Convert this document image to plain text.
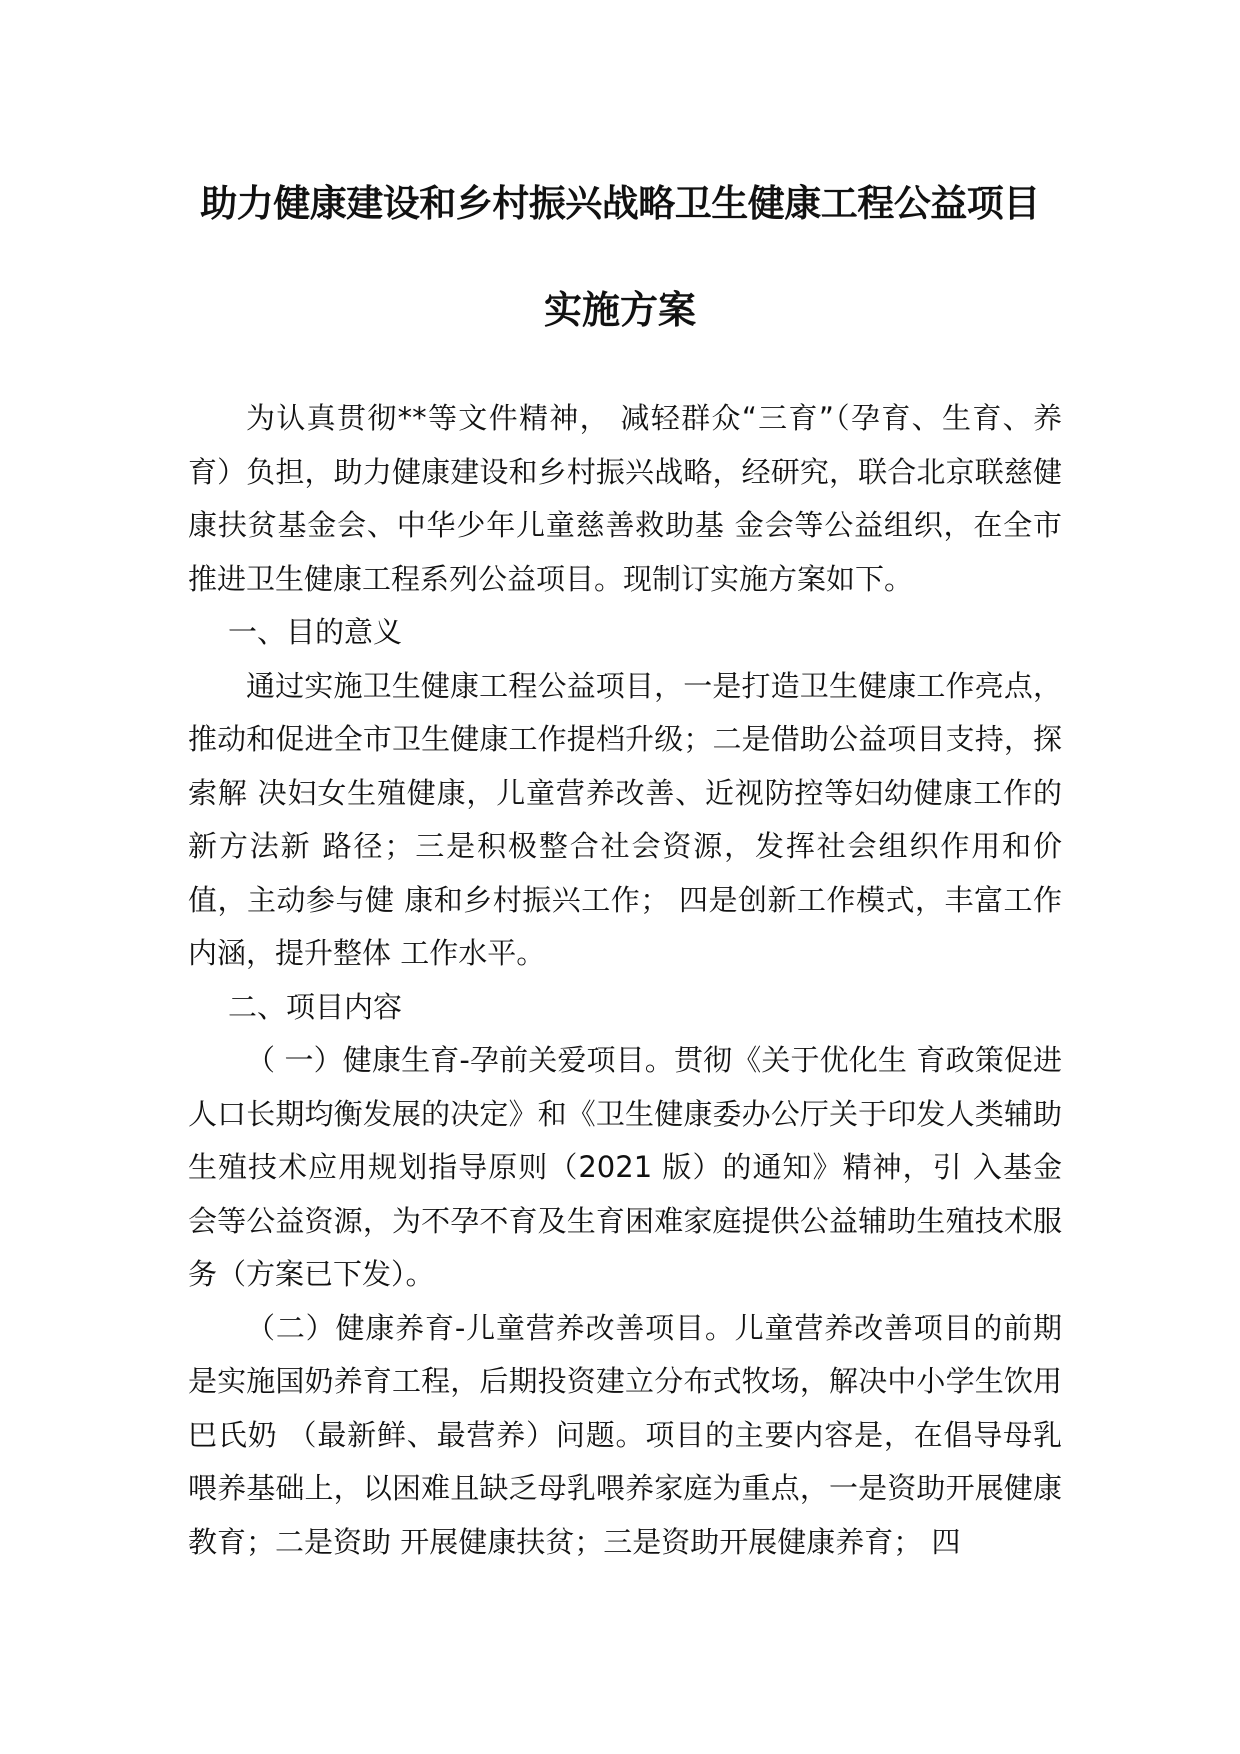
助力健康建设和乡村振兴战略卫生健康工程公益项目
实施方案

为认真贯彻**等文件精神， 减轻群众“三育”（孕育、生育、养育）负担，助力健康建设和乡村振兴战略，经研究，联合北京联慈健康扶贫基金会、中华少年儿童慈善救助基 金会等公益组织，在全市推进卫生健康工程系列公益项目。现制订实施方案如下。

一、目的意义

通过实施卫生健康工程公益项目，一是打造卫生健康工作亮点，推动和促进全市卫生健康工作提档升级；二是借助公益项目支持，探索解 决妇女生殖健康，儿童营养改善、近视防控等妇幼健康工作的新方法新 路径；三是积极整合社会资源，发挥社会组织作用和价值，主动参与健 康和乡村振兴工作； 四是创新工作模式，丰富工作内涵，提升整体 工作水平。

二、项目内容

（ 一）健康生育-孕前关爱项目。贯彻《关于优化生 育政策促进人口长期均衡发展的决定》和《卫生健康委办公厅关于印发人类辅助生殖技术应用规划指导原则（2021 版）的通知》精神，引 入基金会等公益资源，为不孕不育及生育困难家庭提供公益辅助生殖技术服务（方案已下发）。

（二）健康养育-儿童营养改善项目。儿童营养改善项目的前期是实施国奶养育工程，后期投资建立分布式牧场，解决中小学生饮用巴氏奶 （最新鲜、最营养）问题。项目的主要内容是，在倡导母乳喂养基础上，以困难且缺乏母乳喂养家庭为重点，一是资助开展健康教育；二是资助 开展健康扶贫；三是资助开展健康养育； 四
